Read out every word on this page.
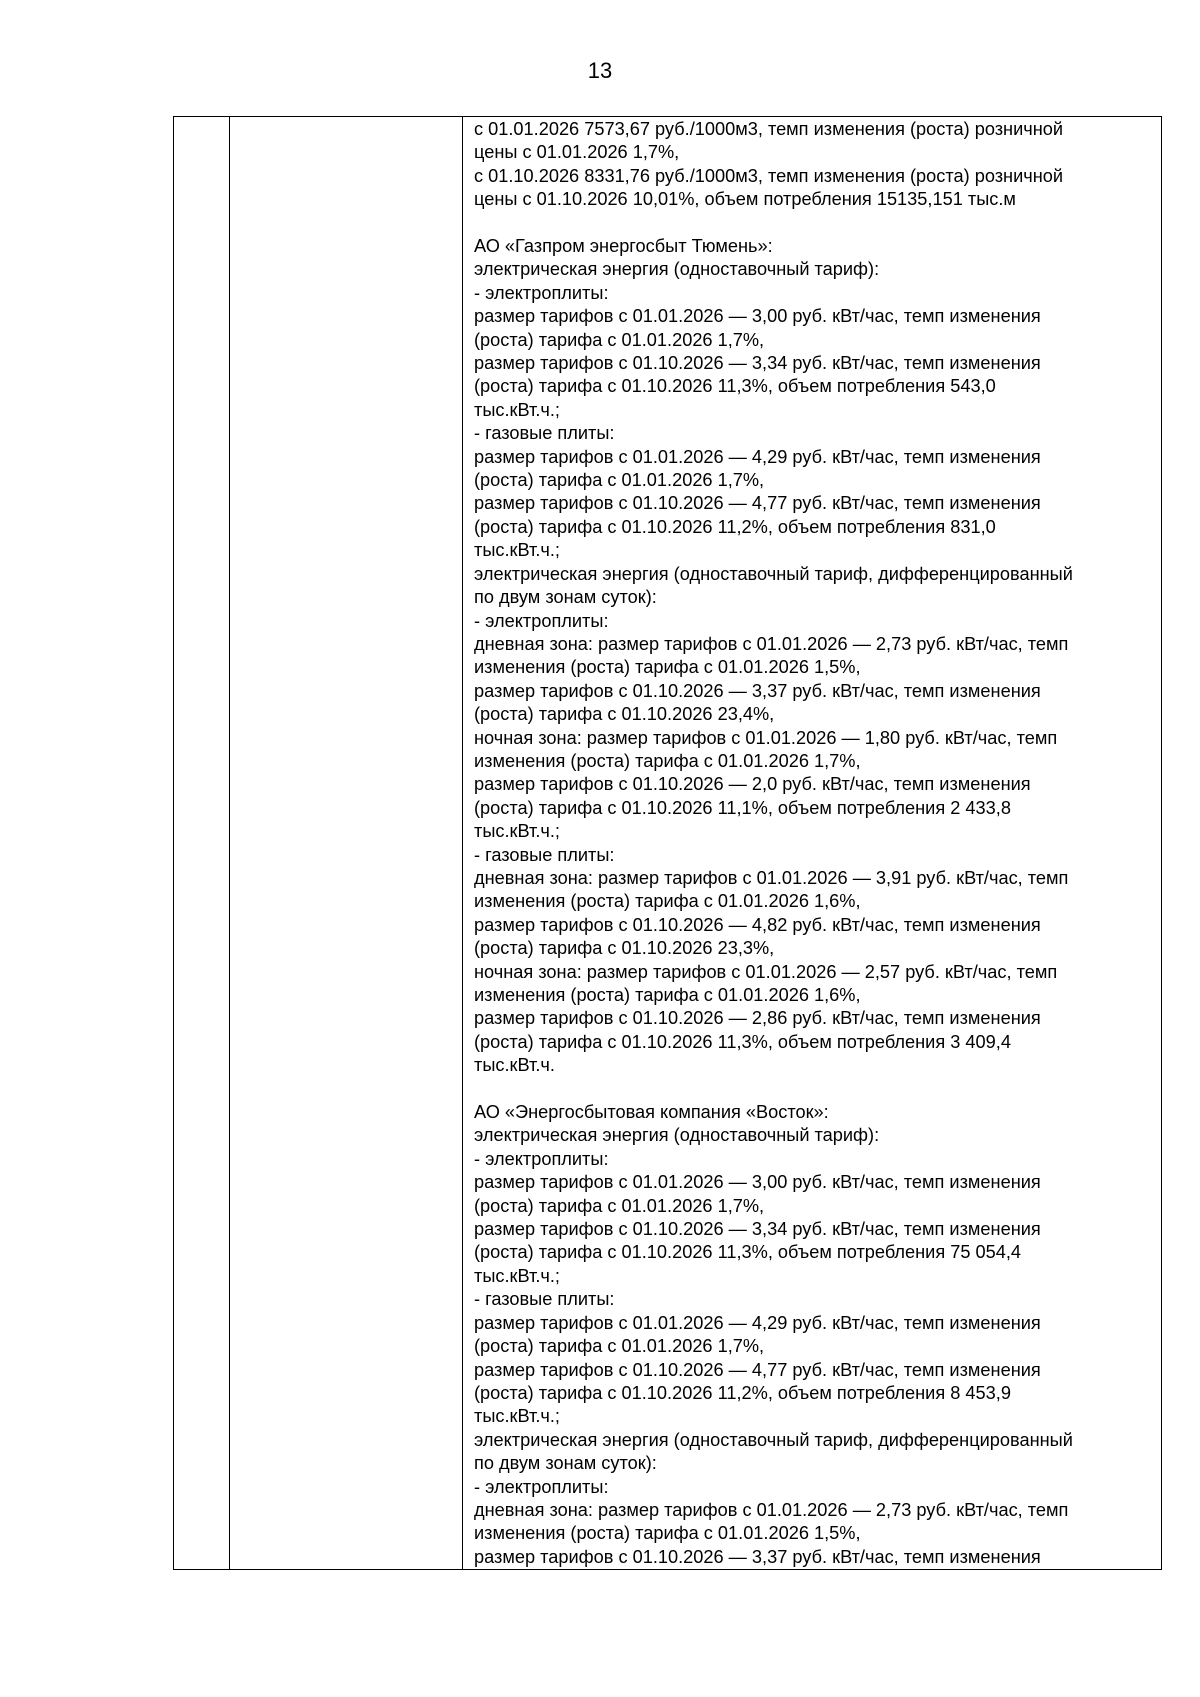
13

с 01.01.2026 7573,67 руб./1000м3, темп изменения (роста) розничной
цены с 01.01.2026 1,7%,
с 01.10.2026 8331,76 руб./1000м3, темп изменения (роста) розничной
цены с 01.10.2026 10,01%, объем потребления 15135,151 тыс.м
АО «Газпром энергосбыт Тюмень»:
электрическая энергия (одноставочный тариф):
- электроплиты:
размер тарифов с 01.01.2026 — 3,00 руб. кВт/час, темп изменения
(роста) тарифа с 01.01.2026 1,7%,
размер тарифов с 01.10.2026 — 3,34 руб. кВт/час, темп изменения
(роста) тарифа с 01.10.2026 11,3%, объем потребления 543,0
тыс.кВт.ч.;
- газовые плиты:
размер тарифов с 01.01.2026 — 4,29 руб. кВт/час, темп изменения
(роста) тарифа с 01.01.2026 1,7%,
размер тарифов с 01.10.2026 — 4,77 руб. кВт/час, темп изменения
(роста) тарифа с 01.10.2026 11,2%, объем потребления 831,0
тыс.кВт.ч.;
электрическая энергия (одноставочный тариф, дифференцированный
по двум зонам суток):
- электроплиты:
дневная зона: размер тарифов с 01.01.2026 — 2,73 руб. кВт/час, темп
изменения (роста) тарифа с 01.01.2026 1,5%,
размер тарифов с 01.10.2026 — 3,37 руб. кВт/час, темп изменения
(роста) тарифа с 01.10.2026 23,4%,
ночная зона: размер тарифов с 01.01.2026 — 1,80 руб. кВт/час, темп
изменения (роста) тарифа с 01.01.2026 1,7%,
размер тарифов с 01.10.2026 — 2,0 руб. кВт/час, темп изменения
(роста) тарифа с 01.10.2026 11,1%, объем потребления 2 433,8
тыс.кВт.ч.;
- газовые плиты:
дневная зона: размер тарифов с 01.01.2026 — 3,91 руб. кВт/час, темп
изменения (роста) тарифа с 01.01.2026 1,6%,
размер тарифов с 01.10.2026 — 4,82 руб. кВт/час, темп изменения
(роста) тарифа с 01.10.2026 23,3%,
ночная зона: размер тарифов с 01.01.2026 — 2,57 руб. кВт/час, темп
изменения (роста) тарифа с 01.01.2026 1,6%,
размер тарифов с 01.10.2026 — 2,86 руб. кВт/час, темп изменения
(роста) тарифа с 01.10.2026 11,3%, объем потребления 3 409,4
тыс.кВт.ч.
АО «Энергосбытовая компания «Восток»:
электрическая энергия (одноставочный тариф):
- электроплиты:
размер тарифов с 01.01.2026 — 3,00 руб. кВт/час, темп изменения
(роста) тарифа с 01.01.2026 1,7%,
размер тарифов с 01.10.2026 — 3,34 руб. кВт/час, темп изменения
(роста) тарифа с 01.10.2026 11,3%, объем потребления 75 054,4
тыс.кВт.ч.;
- газовые плиты:
размер тарифов с 01.01.2026 — 4,29 руб. кВт/час, темп изменения
(роста) тарифа с 01.01.2026 1,7%,
размер тарифов с 01.10.2026 — 4,77 руб. кВт/час, темп изменения
(роста) тарифа с 01.10.2026 11,2%, объем потребления 8 453,9
тыс.кВт.ч.;
электрическая энергия (одноставочный тариф, дифференцированный
по двум зонам суток):
- электроплиты:
дневная зона: размер тарифов с 01.01.2026 — 2,73 руб. кВт/час, темп
изменения (роста) тарифа с 01.01.2026 1,5%,
размер тарифов с 01.10.2026 — 3,37 руб. кВт/час, темп изменения
